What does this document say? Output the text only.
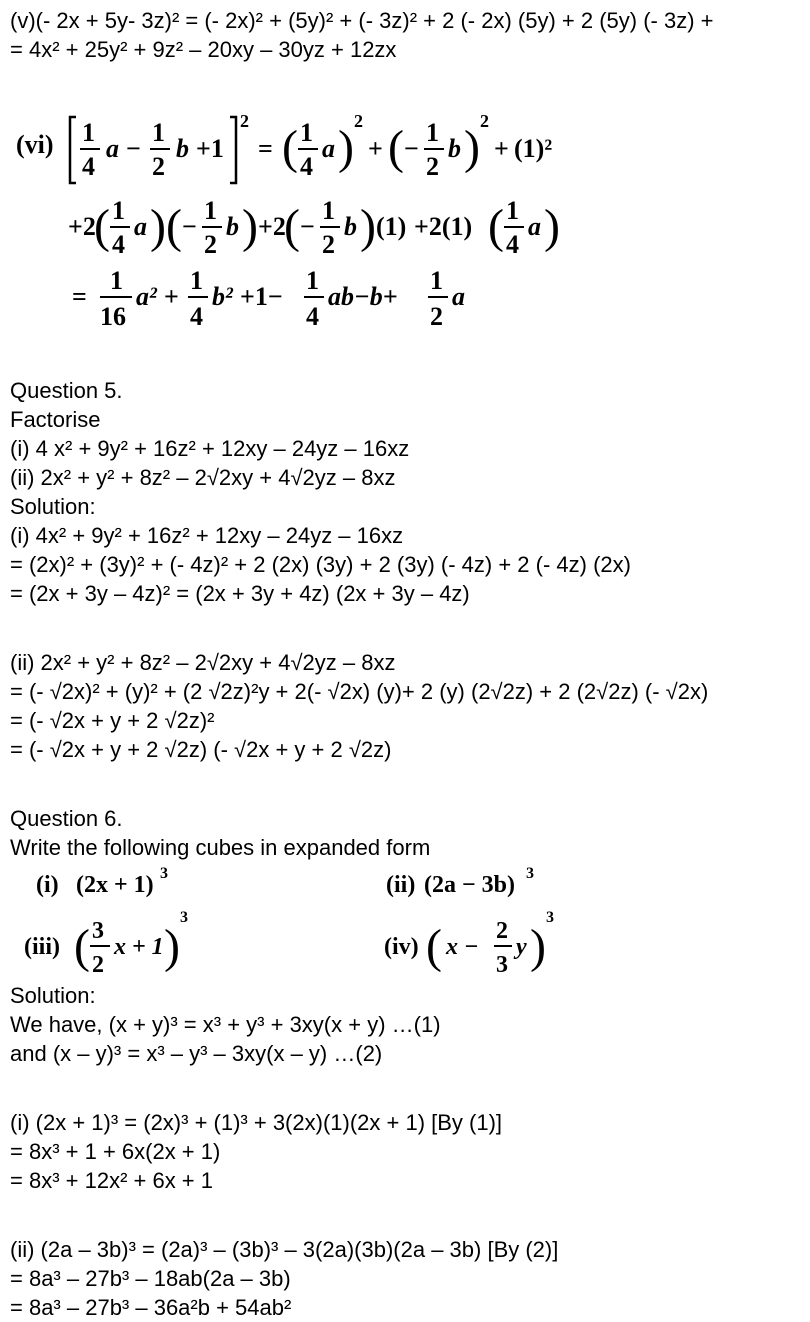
(v)(- 2x + 5y- 3z)² = (- 2x)² + (5y)² + (- 3z)² + 2 (- 2x) (5y) + 2 (5y) (- 3z) +
= 4x² + 25y² + 9z² – 20xy – 30yz + 12zx
(vi) 1
4
a −
1
2
b +1
2
= ( 1
4
a ) 2
+ ( −
1
2
b ) 2
+ (1)²
+2
( 1
4
a ) ( −
1
2
b ) +2
( −
1
2
b ) (1) +2(1) ( 1
4
a )
=
1
16
a² +
1
4
b² +1−
1
4
ab−b+
1
2
a
Question 5.
Factorise
(i) 4 x² + 9y² + 16z² + 12xy – 24yz – 16xz
(ii) 2x² + y² + 8z² – 2√2xy + 4√2yz – 8xz
Solution:
(i) 4x² + 9y² + 16z² + 12xy – 24yz – 16xz
= (2x)² + (3y)² + (- 4z)² + 2 (2x) (3y) + 2 (3y) (- 4z) + 2 (- 4z) (2x)
= (2x + 3y – 4z)² = (2x + 3y + 4z) (2x + 3y – 4z)
(ii) 2x² + y² + 8z² – 2√2xy + 4√2yz – 8xz
= (- √2x)² + (y)² + (2 √2z)²y + 2(- √2x) (y)+ 2 (y) (2√2z) + 2 (2√2z) (- √2x)
= (- √2x + y + 2 √2z)²
= (- √2x + y + 2 √2z) (- √2x + y + 2 √2z)
Question 6.
Write the following cubes in expanded form
(i) (2x + 1) 3	(ii) (2a − 3b) 3
(iii) ( 3
2
x + 1 )
3
(iv) ( x −
2
3
y )
3
Solution:
We have, (x + y)³ = x³ + y³ + 3xy(x + y) …(1)
and (x – y)³ = x³ – y³ – 3xy(x – y) …(2)
(i) (2x + 1)³ = (2x)³ + (1)³ + 3(2x)(1)(2x + 1) [By (1)]
= 8x³ + 1 + 6x(2x + 1)
= 8x³ + 12x² + 6x + 1
(ii) (2a – 3b)³ = (2a)³ – (3b)³ – 3(2a)(3b)(2a – 3b) [By (2)]
= 8a³ – 27b³ – 18ab(2a – 3b)
= 8a³ – 27b³ – 36a²b + 54ab²
